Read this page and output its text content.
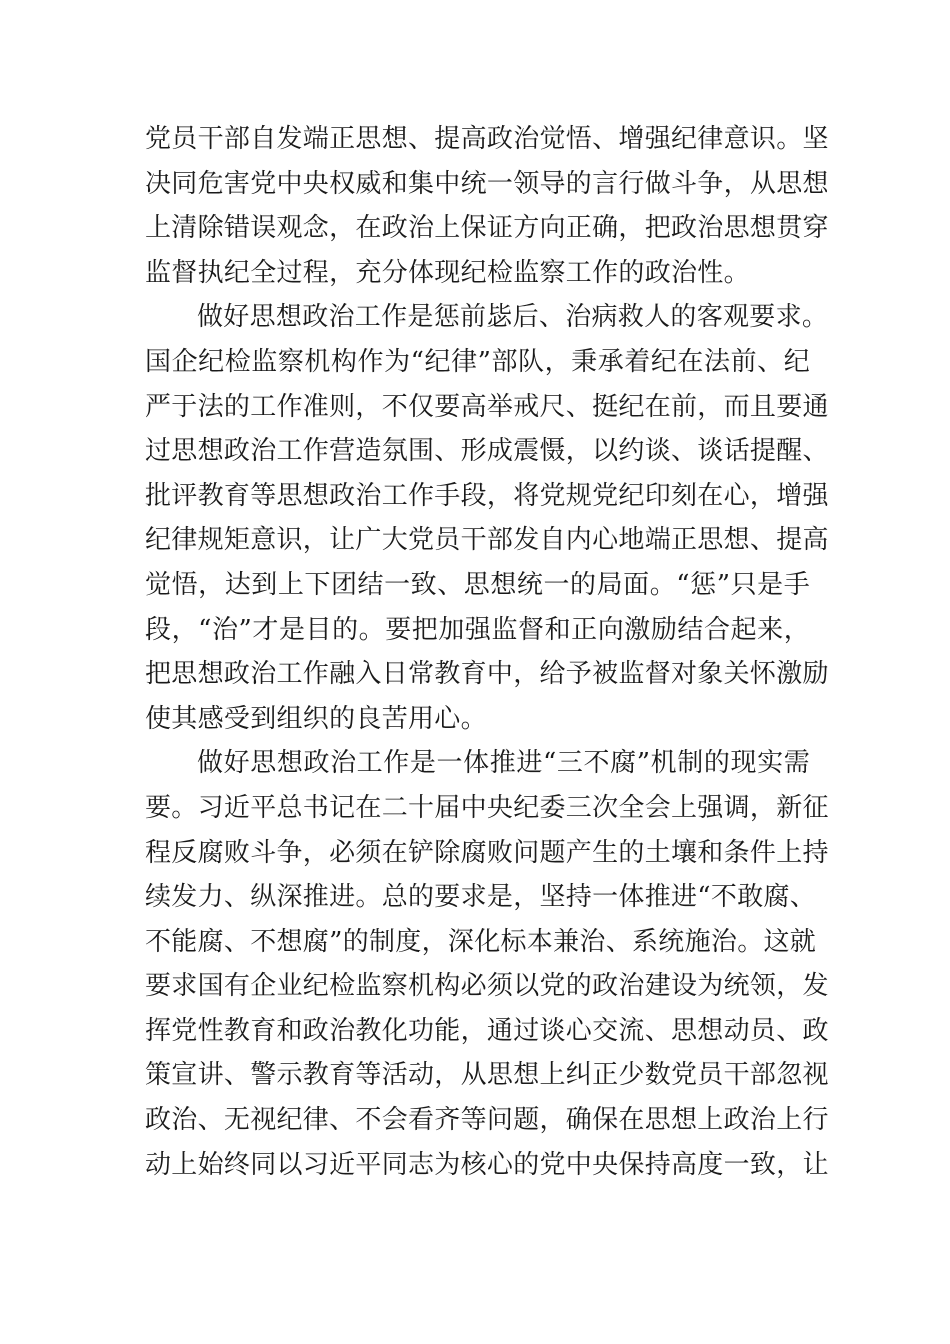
党员干部自发端正思想、提高政治觉悟、增强纪律意识。坚
决同危害党中央权威和集中统一领导的言行做斗争，从思想
上清除错误观念，在政治上保证方向正确，把政治思想贯穿
监督执纪全过程，充分体现纪检监察工作的政治性。
做好思想政治工作是惩前毖后、治病救人的客观要求。
国企纪检监察机构作为“纪律”部队，秉承着纪在法前、纪
严于法的工作准则，不仅要高举戒尺、挺纪在前，而且要通
过思想政治工作营造氛围、形成震慑，以约谈、谈话提醒、
批评教育等思想政治工作手段，将党规党纪印刻在心，增强
纪律规矩意识，让广大党员干部发自内心地端正思想、提高
觉悟，达到上下团结一致、思想统一的局面。“惩”只是手
段，“治”才是目的。要把加强监督和正向激励结合起来，
把思想政治工作融入日常教育中，给予被监督对象关怀激励
使其感受到组织的良苦用心。
做好思想政治工作是一体推进“三不腐”机制的现实需
要。习近平总书记在二十届中央纪委三次全会上强调，新征
程反腐败斗争，必须在铲除腐败问题产生的土壤和条件上持
续发力、纵深推进。总的要求是，坚持一体推进“不敢腐、
不能腐、不想腐”的制度，深化标本兼治、系统施治。这就
要求国有企业纪检监察机构必须以党的政治建设为统领，发
挥党性教育和政治教化功能，通过谈心交流、思想动员、政
策宣讲、警示教育等活动，从思想上纠正少数党员干部忽视
政治、无视纪律、不会看齐等问题，确保在思想上政治上行
动上始终同以习近平同志为核心的党中央保持高度一致，让
